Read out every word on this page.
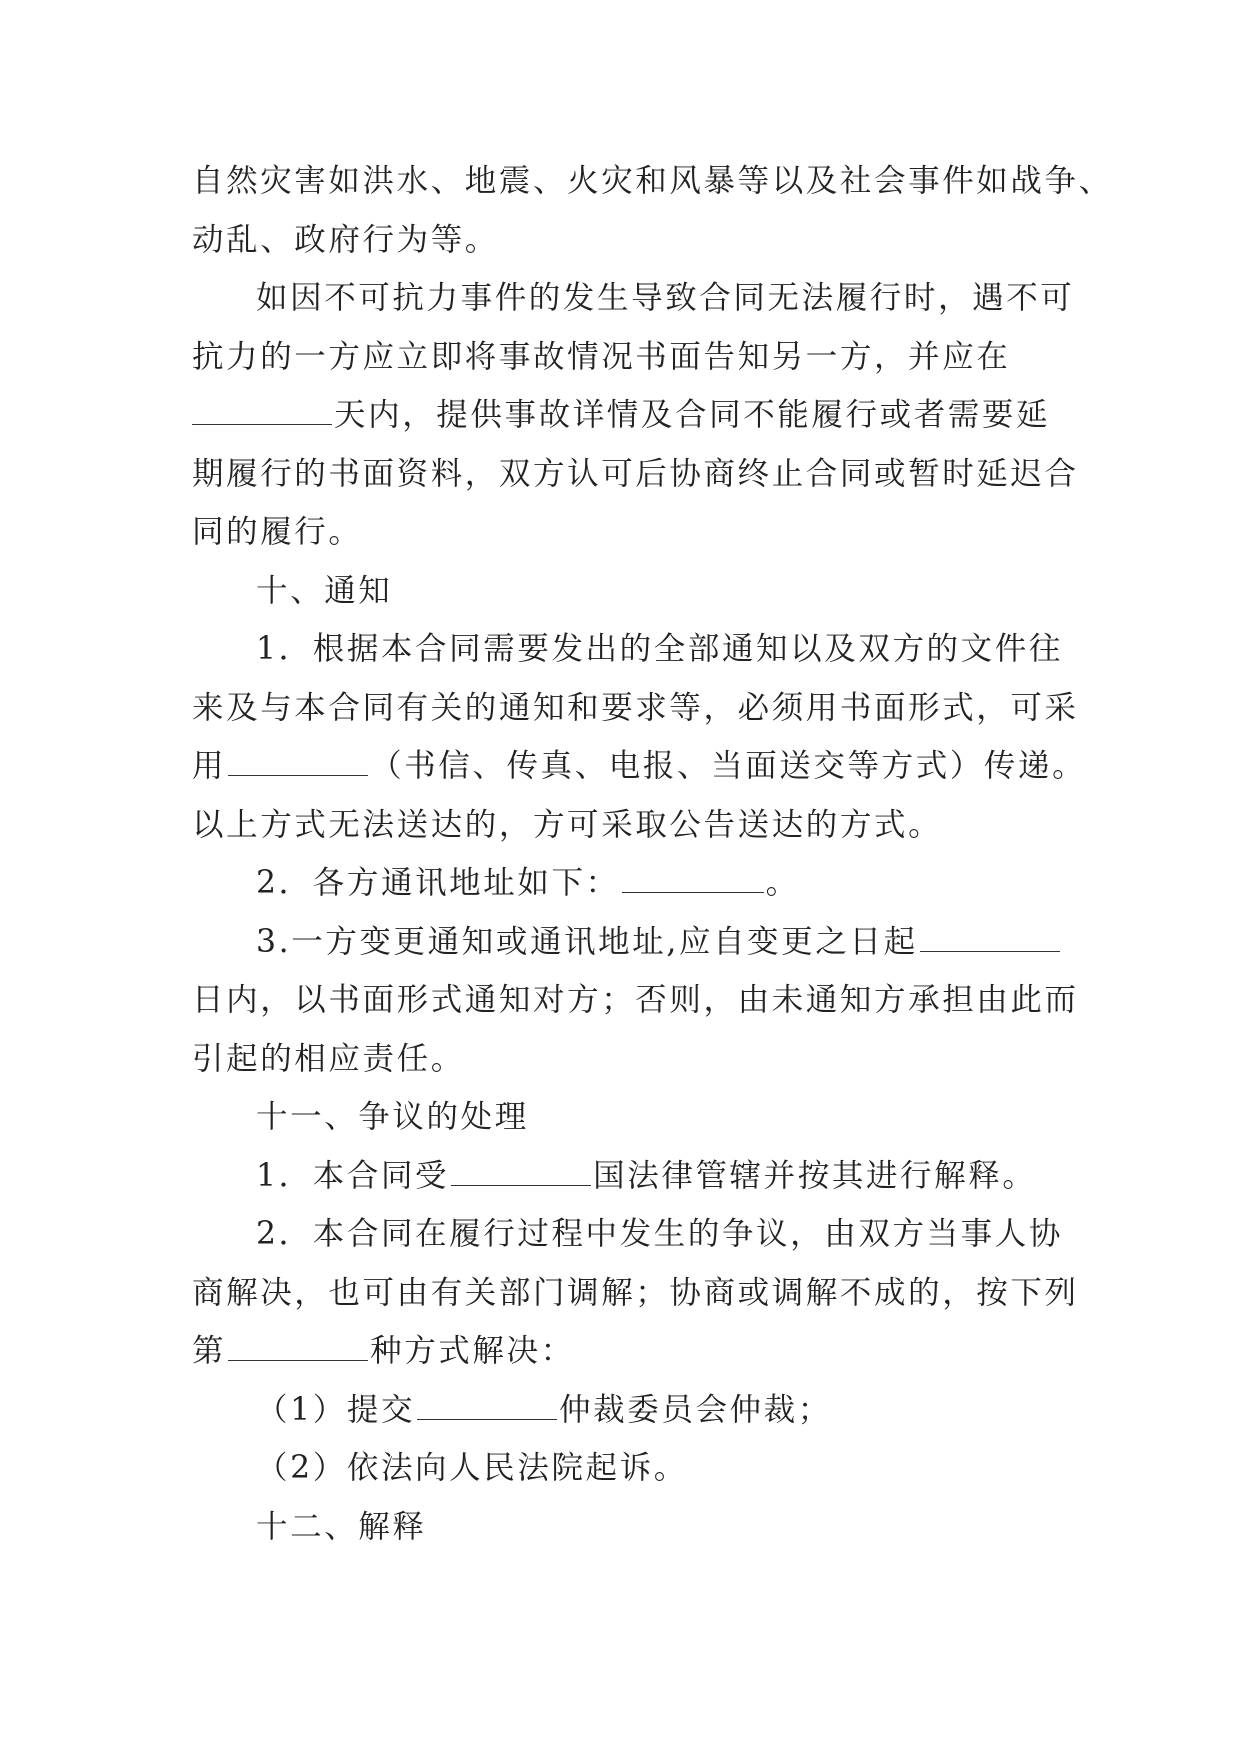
自然灾害如洪水、地震、火灾和风暴等以及社会事件如战争、
动乱、政府行为等。
如因不可抗力事件的发生导致合同无法履行时，遇不可
抗力的一方应立即将事故情况书面告知另一方，并应在
天内，提供事故详情及合同不能履行或者需要延
期履行的书面资料，双方认可后协商终止合同或暂时延迟合
同的履行。
十、通知
1．根据本合同需要发出的全部通知以及双方的文件往
来及与本合同有关的通知和要求等，必须用书面形式，可采
用	（书信、传真、电报、当面送交等方式）传递。
以上方式无法送达的，方可采取公告送达的方式。
2．各方通讯地址如下：	。
3.一方变更通知或通讯地址,应自变更之日起
日内，以书面形式通知对方；否则，由未通知方承担由此而
引起的相应责任。
十一、争议的处理
1．本合同受	国法律管辖并按其进行解释。
2．本合同在履行过程中发生的争议，由双方当事人协
商解决，也可由有关部门调解；协商或调解不成的，按下列
第	种方式解决：
（1）提交	仲裁委员会仲裁；
（2）依法向人民法院起诉。
十二、解释
